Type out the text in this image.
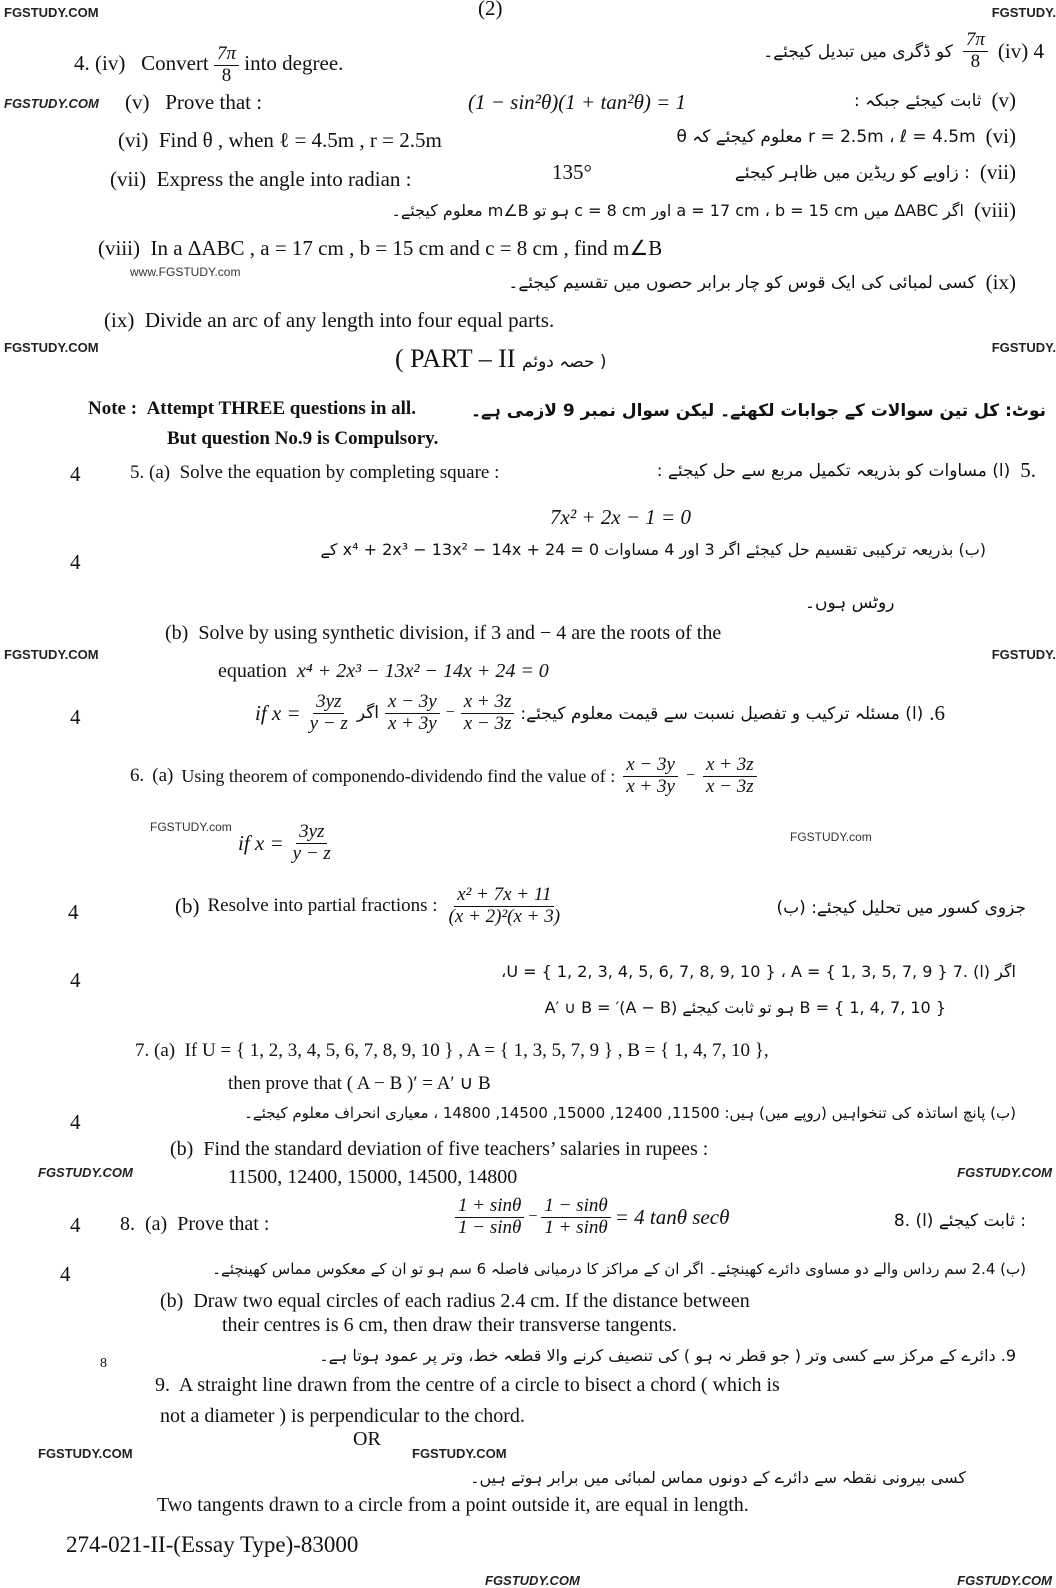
FGSTUDY.COM	FGSTUDY.
(2)
FGSTUDY.COM
www.FGSTUDY.com
FGSTUDY.COM	FGSTUDY.
FGSTUDY.COM	FGSTUDY.
FGSTUDY.com
FGSTUDY.com
FGSTUDY.COM	FGSTUDY.COM
FGSTUDY.COM	FGSTUDY.COM
FGSTUDY.COM	FGSTUDY.COM
4. (iv) Convert $\frac{7\pi}{8}$ into degree.	کو ڈگری میں تبدیل کیجئے۔ $\frac{7\pi}{8} (iv)$ 4
(v) Prove that :	(1 − sin²θ)(1 + tan²θ) = 1	ثابت کیجئے جبکہ : (v)
(vi) Find θ , when ℓ = 4.5m , r = 2.5m	r = 2.5m ، ℓ = 4.5m معلوم کیجئے کہ θ (vi)
(vii) Express the angle into radian :	135°	: زاویے کو ریڈین میں ظاہر کیجئے (vii)
اگر ΔABC میں a = 17 cm ، b = 15 cm اور c = 8 cm ہو تو m∠B معلوم کیجئے۔ (viii)
(viii) In a ΔABC , a = 17 cm , b = 15 cm and c = 8 cm , find m∠B
کسی لمبائی کی ایک قوس کو چار برابر حصوں میں تقسیم کیجئے۔ (ix)
(ix) Divide an arc of any length into four equal parts.
( PART – II حصہ دوئم )
Note : Attempt THREE questions in all.
But question No.9 is Compulsory.
نوٹ: کل تین سوالات کے جوابات لکھئے۔ لیکن سوال نمبر 9 لازمی ہے۔
4	5. (a) Solve the equation by completing square :	(ا) مساوات کو بذریعہ تکمیل مربع سے حل کیجئے : 5.
7x² + 2x − 1 = 0
4
(ب) بذریعہ ترکیبی تقسیم حل کیجئے اگر 3 اور 4 مساوات x⁴ + 2x³ − 13x² − 14x + 24 = 0 کے
روٹس ہوں۔
(b) Solve by using synthetic division, if 3 and − 4 are the roots of the
equation x⁴ + 2x³ − 13x² − 14x + 24 = 0
4	if $x = \frac{3yz}{y - z}$ اگر $\frac{x - 3y}{x + 3y} - \frac{x + 3z}{x - 3z}$ (ا) مسئلہ ترکیب و تفصیل نسبت سے قیمت معلوم کیجئے: .6
6. (a) Using theorem of componendo-dividendo find the value of : $\frac{x - 3y}{x + 3y} - \frac{x + 3z}{x - 3z}$
if $x = \frac{3yz}{y - z}$
4	(b) Resolve into partial fractions : $\frac{\text{x² + 7x + 11}}{\text{(x + 2)²(x + 3)}}$	جزوی کسور میں تحلیل کیجئے: (ب)
4	اگر (ا) .7 U = { 1, 2, 3, 4, 5, 6, 7, 8, 9, 10 } ، A = { 1, 3, 5, 7, 9 }،
B = { 1, 4, 7, 10 } ہو تو ثابت کیجئے (A − B)′ = A′ ∪ B
7. (a) If U = { 1, 2, 3, 4, 5, 6, 7, 8, 9, 10 } , A = { 1, 3, 5, 7, 9 } , B = { 1, 4, 7, 10 },
then prove that ( A − B )′ = A′ ∪ B
4	(ب) پانچ اساتذہ کی تنخواہیں (روپے میں) ہیں: 11500, 12400, 15000, 14500, 14800 ، معیاری انحراف معلوم کیجئے۔
(b) Find the standard deviation of five teachers’ salaries in rupees :
11500, 12400, 15000, 14500, 14800
4 8. (a) Prove that :	$\frac{1 + \sin\theta}{1 - \sin\theta} - \frac{1 - \sin\theta}{1 + \sin\theta} = 4$ tanθ secθ	: ثابت کیجئے (ا) .8
4	(ب) 2.4 سم رداس والے دو مساوی دائرے کھینچئے۔ اگر ان کے مراکز کا درمیانی فاصلہ 6 سم ہو تو ان کے معکوس مماس کھینچئے۔
(b) Draw two equal circles of each radius 2.4 cm. If the distance between
their centres is 6 cm, then draw their transverse tangents.
9. دائرے کے مرکز سے کسی وتر ( جو قطر نہ ہو ) کی تنصیف کرنے والا قطعہ خط، وتر پر عمود ہوتا ہے۔
8
9. A straight line drawn from the centre of a circle to bisect a chord ( which is
not a diameter ) is perpendicular to the chord.
OR
کسی بیرونی نقطہ سے دائرے کے دونوں مماس لمبائی میں برابر ہوتے ہیں۔
Two tangents drawn to a circle from a point outside it, are equal in length.
274-021-II-(Essay Type)-83000
